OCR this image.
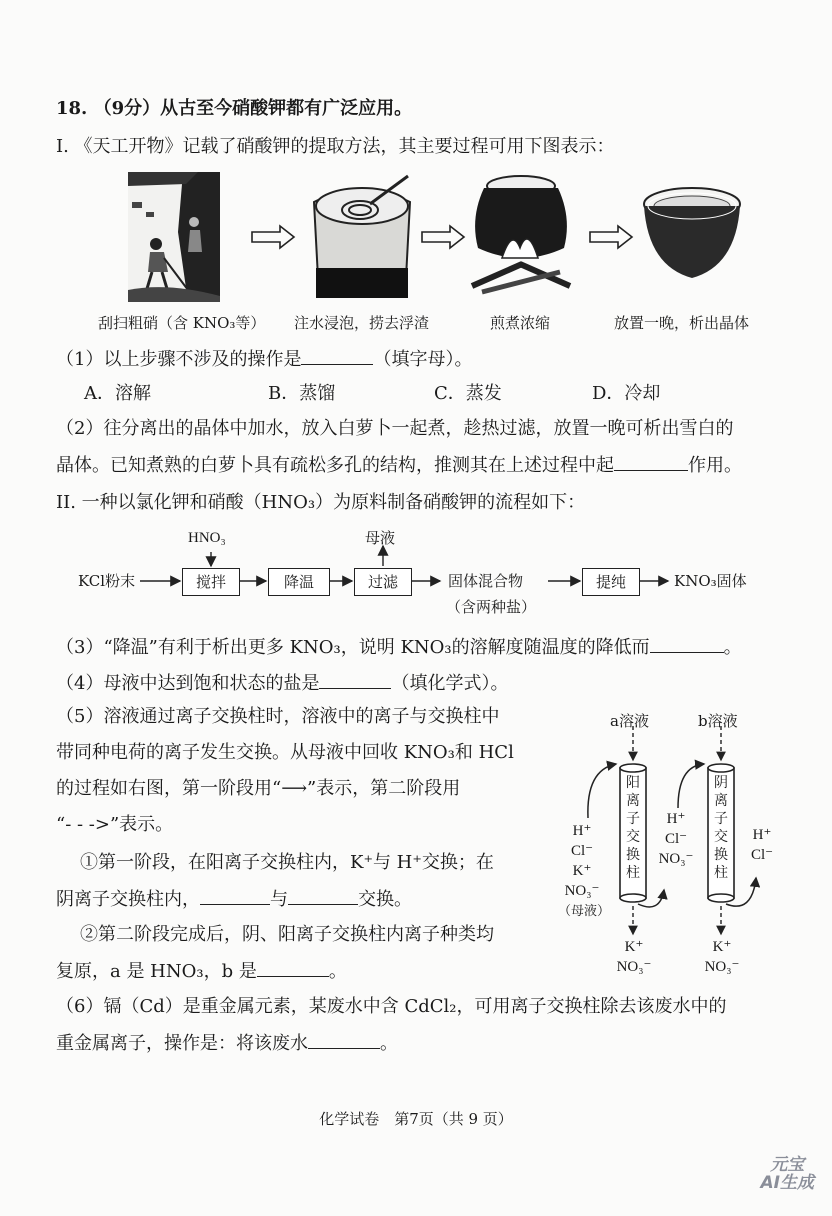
18. （9分）从古至今硝酸钾都有广泛应用。
I. 《天工开物》记载了硝酸钾的提取方法，其主要过程可用下图表示：
刮扫粗硝（含 KNO₃等） 注水浸泡，捞去浮渣	煎煮浓缩	放置一晚，析出晶体
（1）以上步骤不涉及的操作是	（填字母）。
A．溶解	B．蒸馏	C．蒸发	D．冷却
（2）往分离出的晶体中加水，放入白萝卜一起煮，趁热过滤，放置一晚可析出雪白的
晶体。已知煮熟的白萝卜具有疏松多孔的结构，推测其在上述过程中起	作用。
II. 一种以氯化钾和硝酸（HNO₃）为原料制备硝酸钾的流程如下：
HNO₃
KCl粉末	搅拌	降温	过滤
母液
固体混合物
（含两种盐）
提纯	KNO₃固体
（3）“降温”有利于析出更多 KNO₃，说明 KNO₃的溶解度随温度的降低而	。
（4）母液中达到饱和状态的盐是	（填化学式）。
（5）溶液通过离子交换柱时，溶液中的离子与交换柱中
带同种电荷的离子发生交换。从母液中回收 KNO₃和 HCl
的过程如右图，第一阶段用“⟶”表示，第二阶段用
“- - ->”表示。
①第一阶段，在阳离子交换柱内，K⁺与 H⁺交换；在
阴离子交换柱内，	与	交换。
②第二阶段完成后，阴、阳离子交换柱内离子种类均
复原，a 是 HNO₃，b 是	。
a溶液	b溶液
阳离子交换柱
阴离子交换柱
H⁺
Cl⁻
K⁺
NO₃⁻
（母液）
H⁺
Cl⁻
NO₃⁻
H⁺
Cl⁻
K⁺
NO₃⁻
K⁺
NO₃⁻
（6）镉（Cd）是重金属元素，某废水中含 CdCl₂，可用离子交换柱除去该废水中的
重金属离子，操作是：将该废水	。
化学试卷　第7页（共 9 页）
元宝
AI生成
